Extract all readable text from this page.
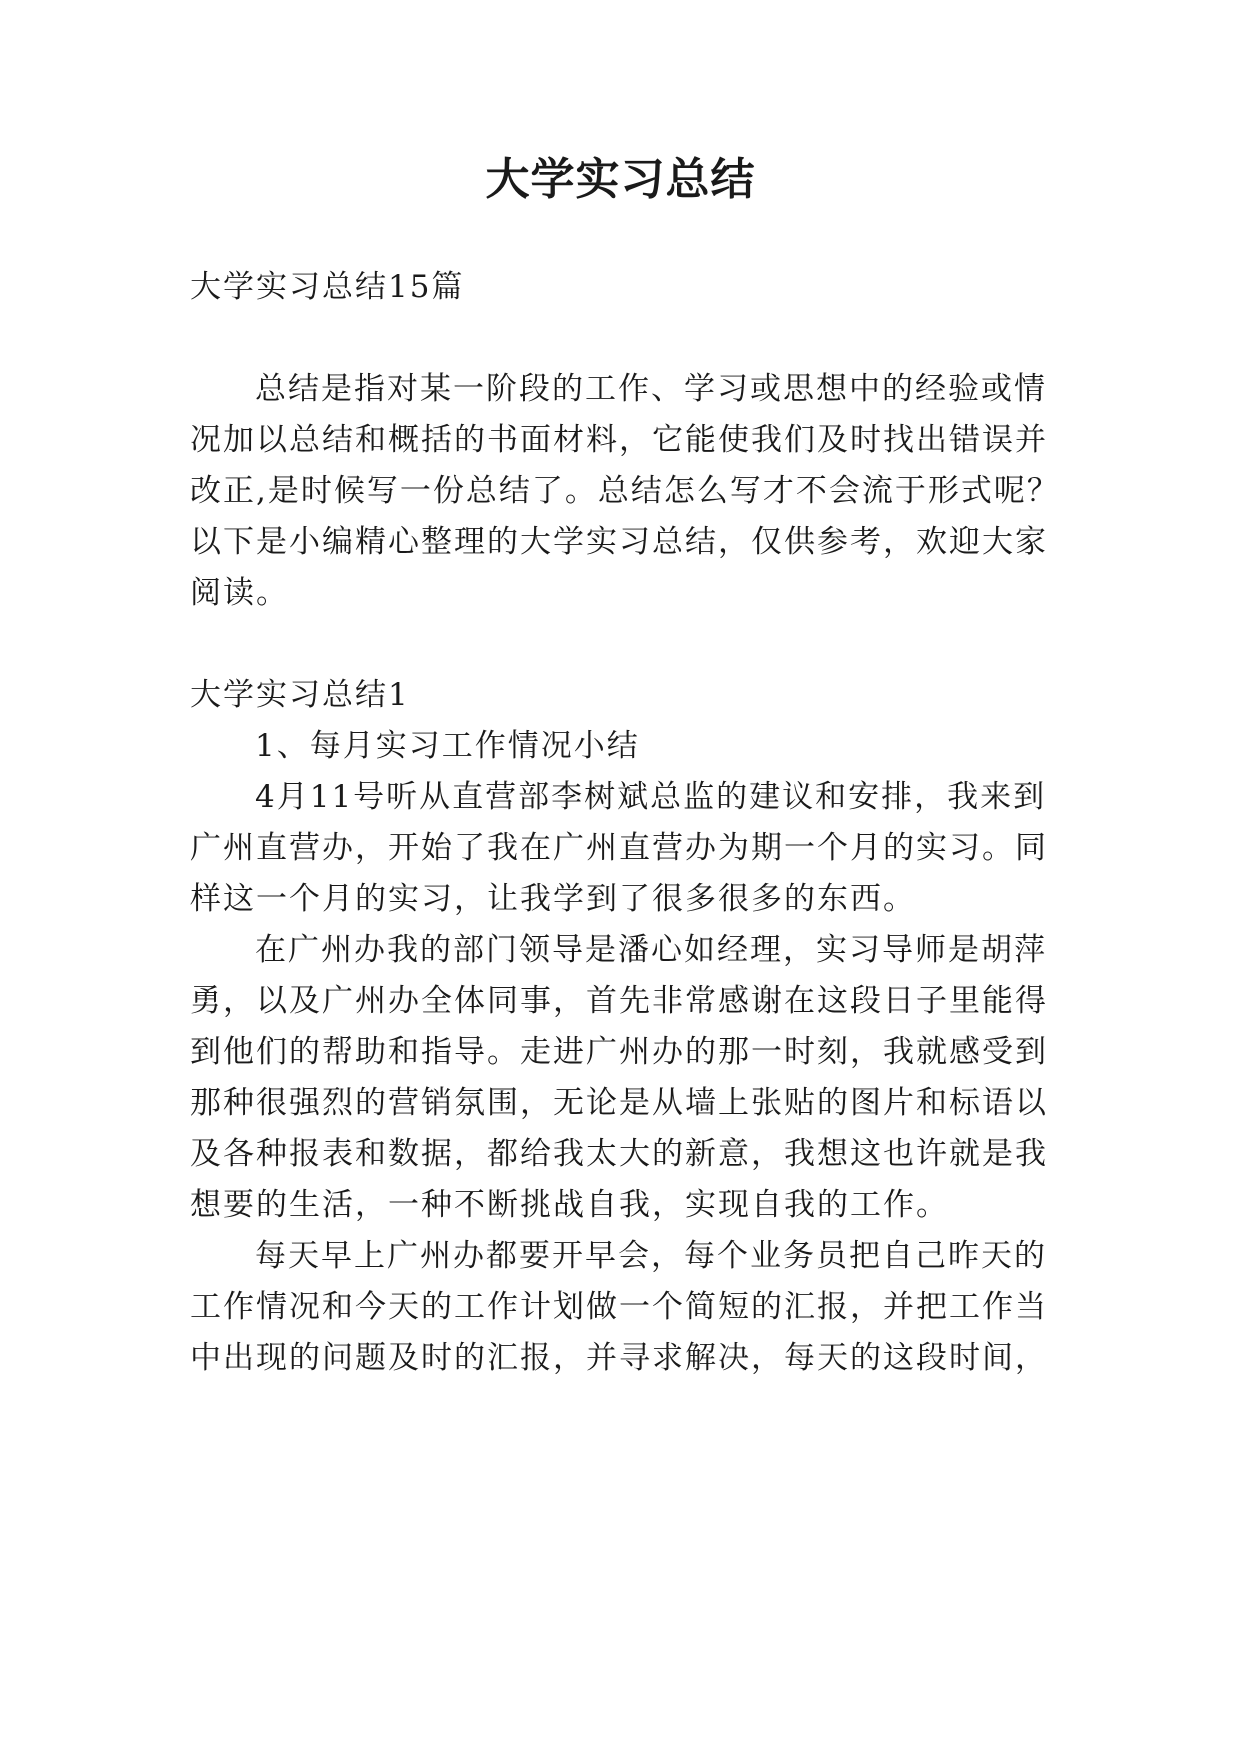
大学实习总结
大学实习总结15篇
总结是指对某一阶段的工作、学习或思想中的经验或情
况加以总结和概括的书面材料，它能使我们及时找出错误并
改正,是时候写一份总结了。总结怎么写才不会流于形式呢？
以下是小编精心整理的大学实习总结，仅供参考，欢迎大家
阅读。
大学实习总结1
1、每月实习工作情况小结
4月11号听从直营部李树斌总监的建议和安排，我来到
广州直营办，开始了我在广州直营办为期一个月的实习。同
样这一个月的实习，让我学到了很多很多的东西。
在广州办我的部门领导是潘心如经理，实习导师是胡萍
勇，以及广州办全体同事，首先非常感谢在这段日子里能得
到他们的帮助和指导。走进广州办的那一时刻，我就感受到
那种很强烈的营销氛围，无论是从墙上张贴的图片和标语以
及各种报表和数据，都给我太大的新意，我想这也许就是我
想要的生活，一种不断挑战自我，实现自我的工作。
每天早上广州办都要开早会，每个业务员把自己昨天的
工作情况和今天的工作计划做一个简短的汇报，并把工作当
中出现的问题及时的汇报，并寻求解决，每天的这段时间，
